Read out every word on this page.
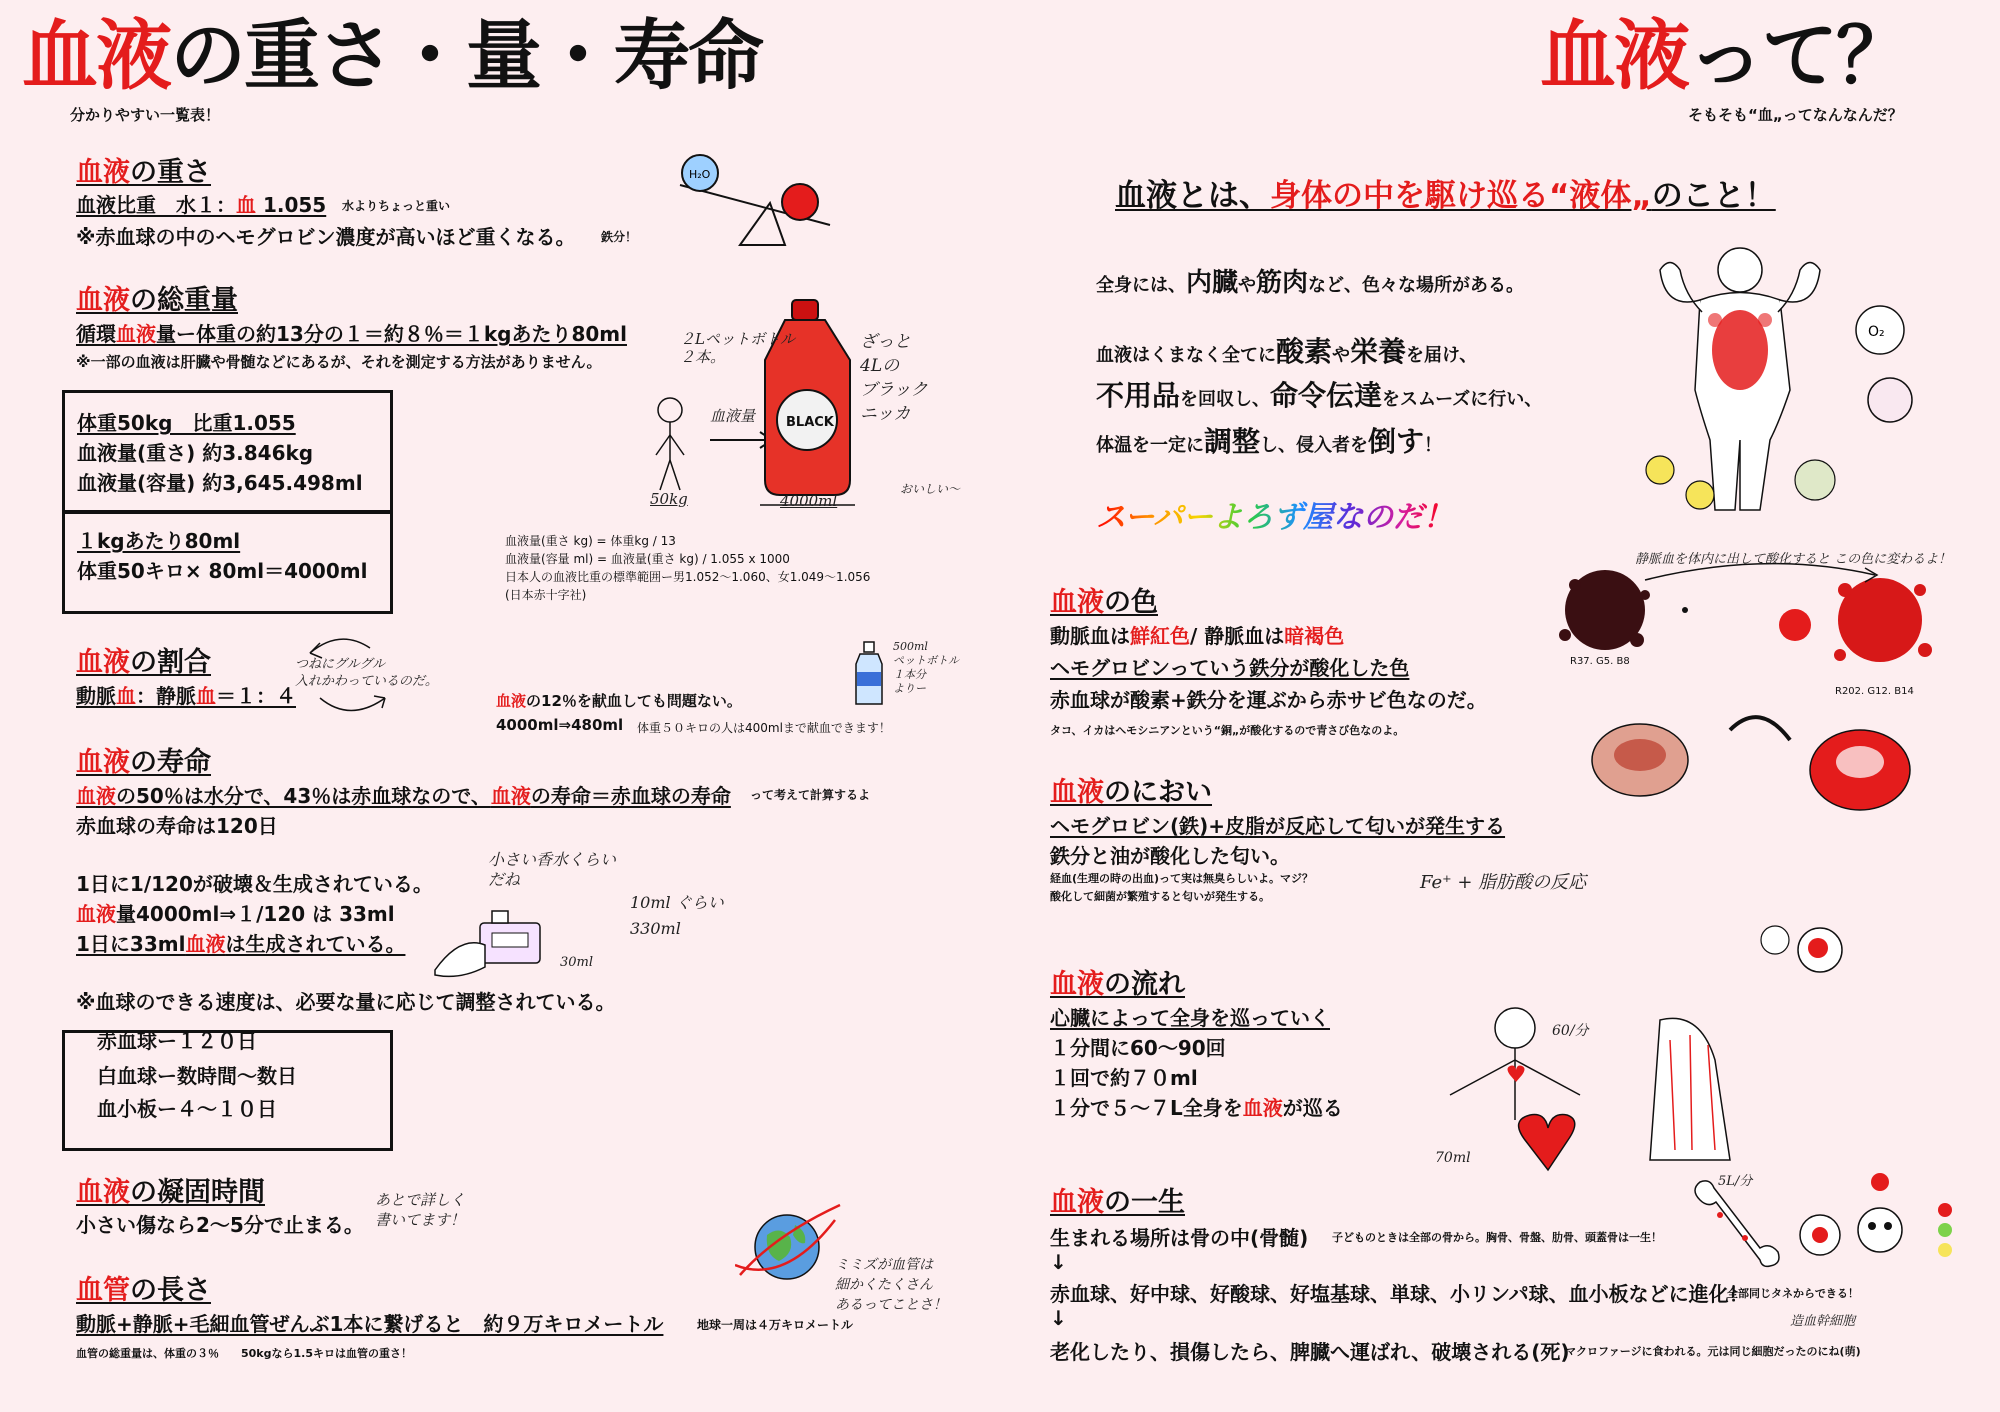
血液の重さ・量・寿命
分かりやすい一覧表！
血液の重さ
血液比重　水１：血 1.055 水よりちょっと重い
※赤血球の中のヘモグロビン濃度が高いほど重くなる。 鉄分！
H₂O
血液の総重量
循環血液量ー体重の約13分の１＝約８％＝１kgあたり80ml
※一部の血液は肝臓や骨髄などにあるが、それを測定する方法がありません。
体重50kg　比重1.055
血液量(重さ) 約3.846kg
血液量(容量) 約3,645.498ml
１kgあたり80ml
体重50キロ× 80ml＝4000ml
血液量(重さ kg) = 体重kg / 13
血液量(容量 ml) = 血液量(重さ kg) / 1.055 x 1000
日本人の血液比重の標準範囲ー男1.052〜1.060、女1.049〜1.056
(日本赤十字社)
BLACK
２Lペットボトル
２本。
ざっと
4Lの
ブラック
ニッカ
血液量
50kg	4000ml
おいしい〜
血液の割合
動脈血：静脈血＝１：４
つねにグルグル
入れかわっているのだ。
血液の12％を献血しても問題ない。
4000ml⇒480ml 体重５０キロの人は400mlまで献血できます！
500ml
ペットボトル
１本分
よりー
血液の寿命
血液の50％は水分で、43％は赤血球なので、血液の寿命＝赤血球の寿命 って考えて計算するよ
赤血球の寿命は120日
1日に1/120が破壊＆生成されている。
血液量4000ml⇒１/120 は 33ml
1日に33ml血液は生成されている。
※血球のできる速度は、必要な量に応じて調整されている。
小さい香水くらい
だね
10ml ぐらい
330ml
30ml
赤血球ー１２０日
白血球ー数時間〜数日
血小板ー４〜１０日
血液の凝固時間
小さい傷なら2〜5分で止まる。
あとで詳しく
書いてます！
血管の長さ
動脈+静脈+毛細血管ぜんぶ1本に繋げると　約９万キロメートル	地球一周は４万キロメートル
血管の総重量は、体重の３％　　50kgなら1.5キロは血管の重さ！
ミミズが血管は
細かくたくさん
あるってことさ！
血液って？
そもそも“血„ってなんなんだ？
血液とは、身体の中を駆け巡る“液体„のこと！
全身には、内臓や筋肉など、色々な場所がある。
血液はくまなく全てに酸素や栄養を届け、
不用品を回収し、命令伝達をスムーズに行い、
体温を一定に調整し、侵入者を倒す！
スーパーよろず屋なのだ！
O₂
血液の色
動脈血は鮮紅色/ 静脈血は暗褐色
ヘモグロビンっていう鉄分が酸化した色
赤血球が酸素+鉄分を運ぶから赤サビ色なのだ。
タコ、イカはヘモシニアンという“銅„が酸化するので青さび色なのよ。
R37. G5. B8
R202. G12. B14
静脈血を体内に出して酸化すると この色に変わるよ！
血液のにおい
ヘモグロビン(鉄)+皮脂が反応して匂いが発生する
鉄分と油が酸化した匂い。
経血(生理の時の出血)って実は無臭らしいよ。マジ？
酸化して細菌が繁殖すると匂いが発生する。
Fe⁺ + 脂肪酸の反応
血液の流れ
心臓によって全身を巡っていく
１分間に60〜90回
１回で約７０ml
１分で５〜７L全身を血液が巡る
60/分
70ml
5L/分
血液の一生
生まれる場所は骨の中(骨髄) 子どものときは全部の骨から。胸骨、骨盤、肋骨、頭蓋骨は一生！
↓
赤血球、好中球、好酸球、好塩基球、単球、小リンパ球、血小板などに進化！
全部同じタネからできる！
↓
老化したり、損傷したら、脾臓へ運ばれ、破壊される(死)
マクロファージに食われる。元は同じ細胞だったのにね(萌)
造血幹細胞
